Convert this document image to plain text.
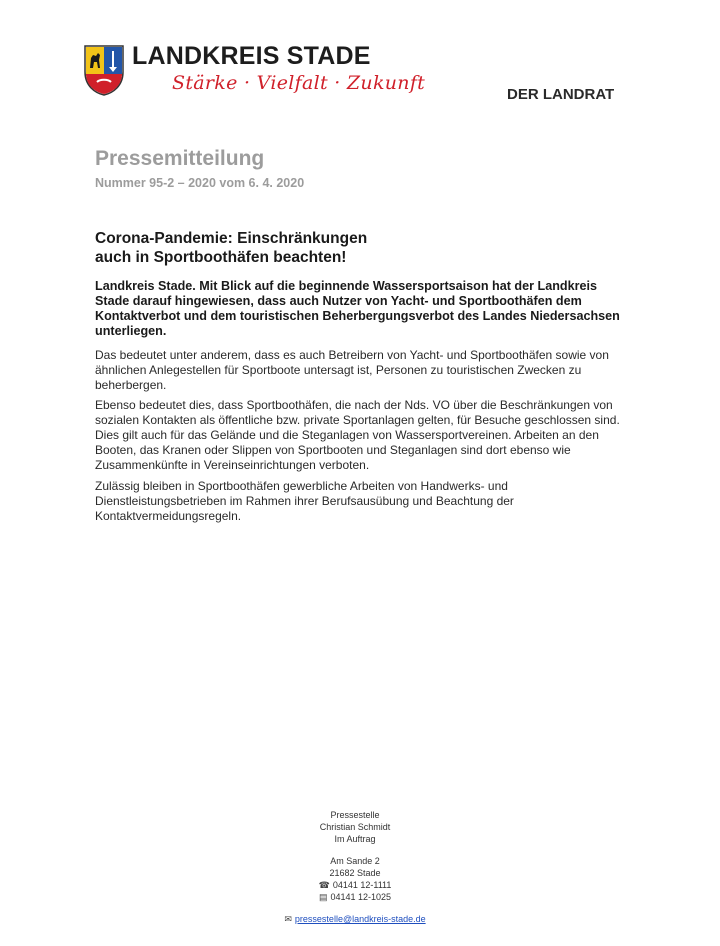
LANDKREIS STADE
Stärke · Vielfalt · Zukunft
DER LANDRAT
Pressemitteilung
Nummer 95-2 – 2020 vom 6. 4. 2020
Corona-Pandemie: Einschränkungen
auch in Sportboothäfen beachten!
Landkreis Stade. Mit Blick auf die beginnende Wassersportsaison hat der Landkreis Stade darauf hingewiesen, dass auch Nutzer von Yacht- und Sportboothäfen dem Kontaktverbot und dem touristischen Beherbergungsverbot des Landes Niedersachsen unterliegen.
Das bedeutet unter anderem, dass es auch Betreibern von Yacht- und Sportboothäfen sowie von ähnlichen Anlegestellen für Sportboote untersagt ist, Personen zu touristischen Zwecken zu beherbergen.
Ebenso bedeutet dies, dass Sportboothäfen, die nach der Nds. VO über die Beschränkungen von sozialen Kontakten als öffentliche bzw. private Sportanlagen gelten, für Besuche geschlossen sind. Dies gilt auch für das Gelände und die Steganlagen von Wassersportvereinen. Arbeiten an den Booten, das Kranen oder Slippen von Sportbooten und Steganlagen sind dort ebenso wie Zusammenkünfte in Vereinseinrichtungen verboten.
Zulässig bleiben in Sportboothäfen gewerbliche Arbeiten von Handwerks- und Dienstleistungsbetrieben im Rahmen ihrer Berufsausübung und Beachtung der Kontaktvermeidungsregeln.
Pressestelle
Christian Schmidt
Im Auftrag
Am Sande 2
21682 Stade
☎ 04141 12-1111
▤ 04141 12-1025
✉ pressestelle@landkreis-stade.de
